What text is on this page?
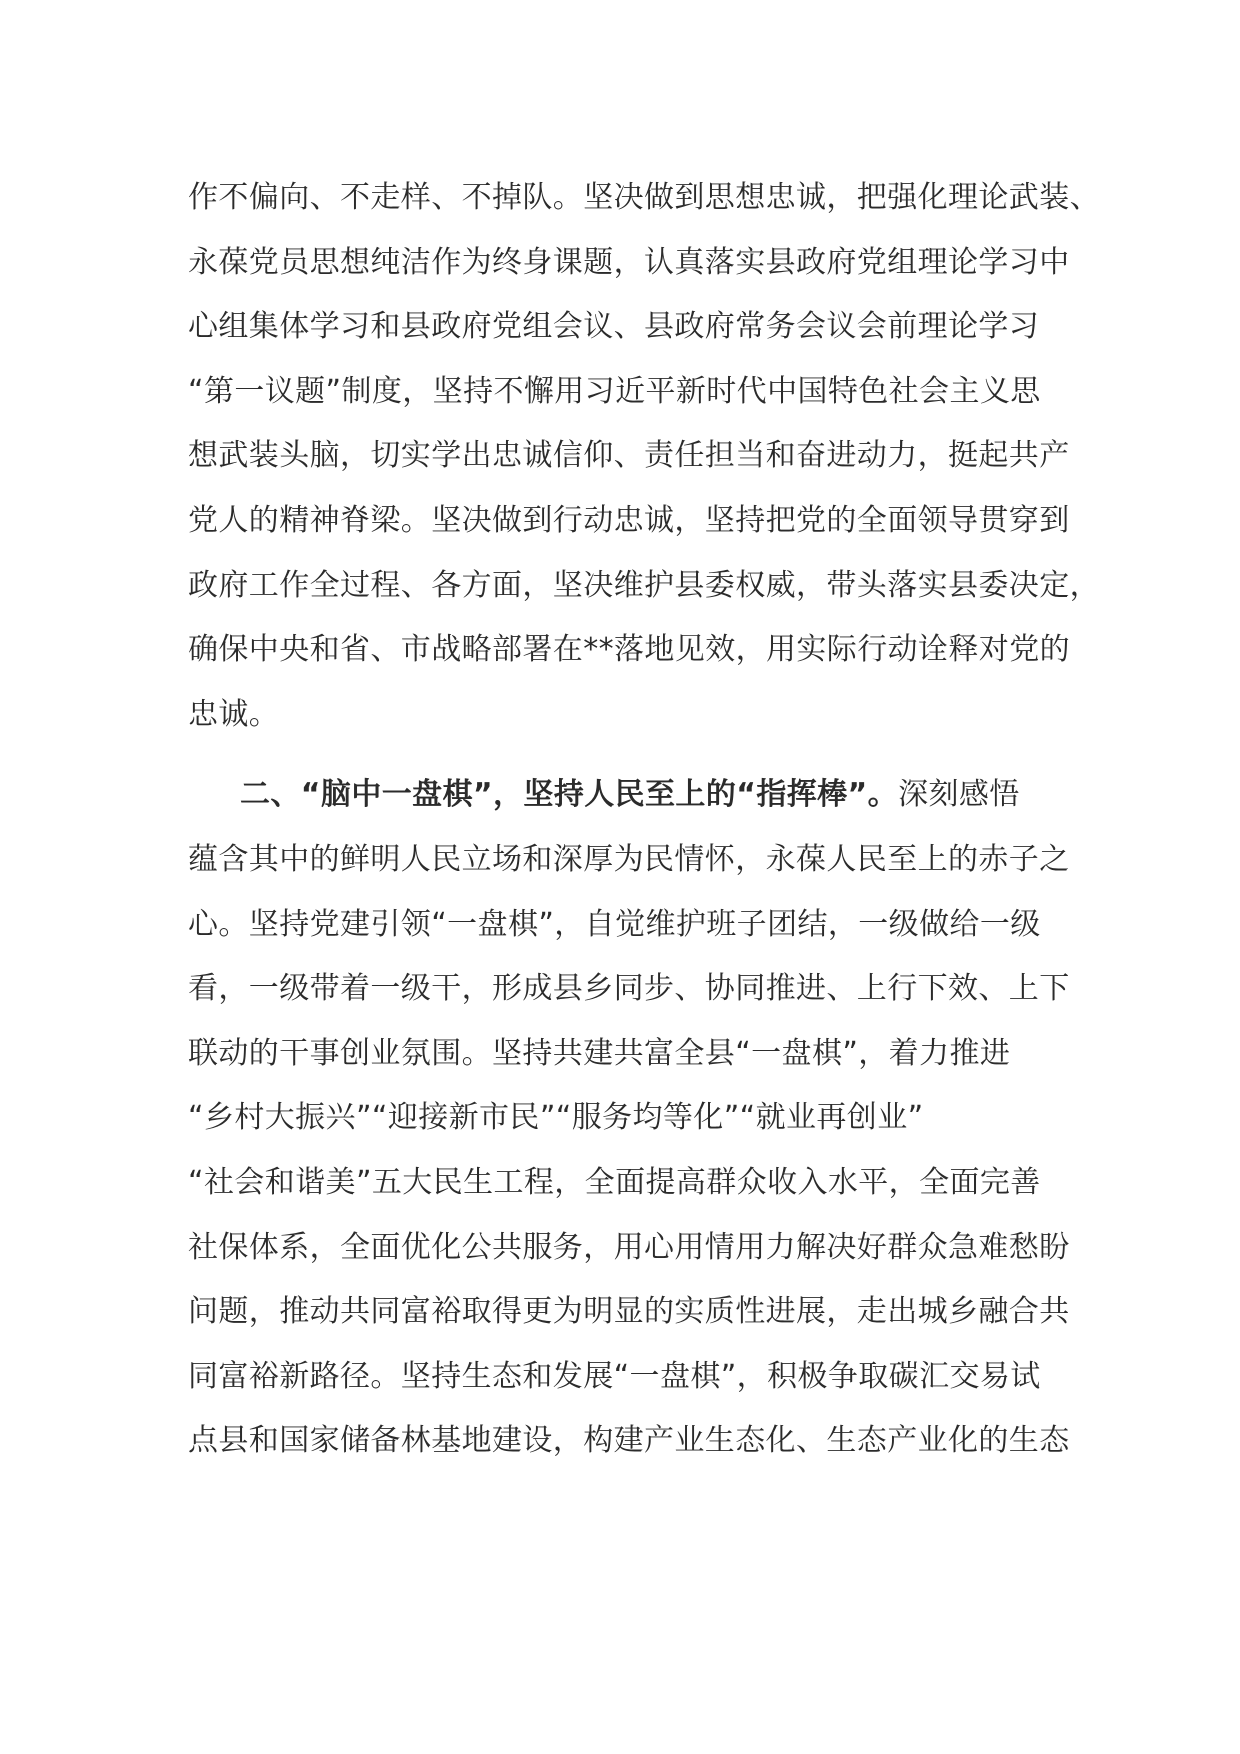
作不偏向、不走样、不掉队。坚决做到思想忠诚，把强化理论武装、
永葆党员思想纯洁作为终身课题，认真落实县政府党组理论学习中
心组集体学习和县政府党组会议、县政府常务会议会前理论学习
“第一议题”制度，坚持不懈用习近平新时代中国特色社会主义思
想武装头脑，切实学出忠诚信仰、责任担当和奋进动力，挺起共产
党人的精神脊梁。坚决做到行动忠诚，坚持把党的全面领导贯穿到
政府工作全过程、各方面，坚决维护县委权威，带头落实县委决定，
确保中央和省、市战略部署在**落地见效，用实际行动诠释对党的
忠诚。
二、“脑中一盘棋”，坚持人民至上的“指挥棒”。深刻感悟
蕴含其中的鲜明人民立场和深厚为民情怀，永葆人民至上的赤子之
心。坚持党建引领“一盘棋”，自觉维护班子团结，一级做给一级
看，一级带着一级干，形成县乡同步、协同推进、上行下效、上下
联动的干事创业氛围。坚持共建共富全县“一盘棋”，着力推进
“乡村大振兴”“迎接新市民”“服务均等化”“就业再创业”
“社会和谐美”五大民生工程，全面提高群众收入水平，全面完善
社保体系，全面优化公共服务，用心用情用力解决好群众急难愁盼
问题，推动共同富裕取得更为明显的实质性进展，走出城乡融合共
同富裕新路径。坚持生态和发展“一盘棋”，积极争取碳汇交易试
点县和国家储备林基地建设，构建产业生态化、生态产业化的生态
